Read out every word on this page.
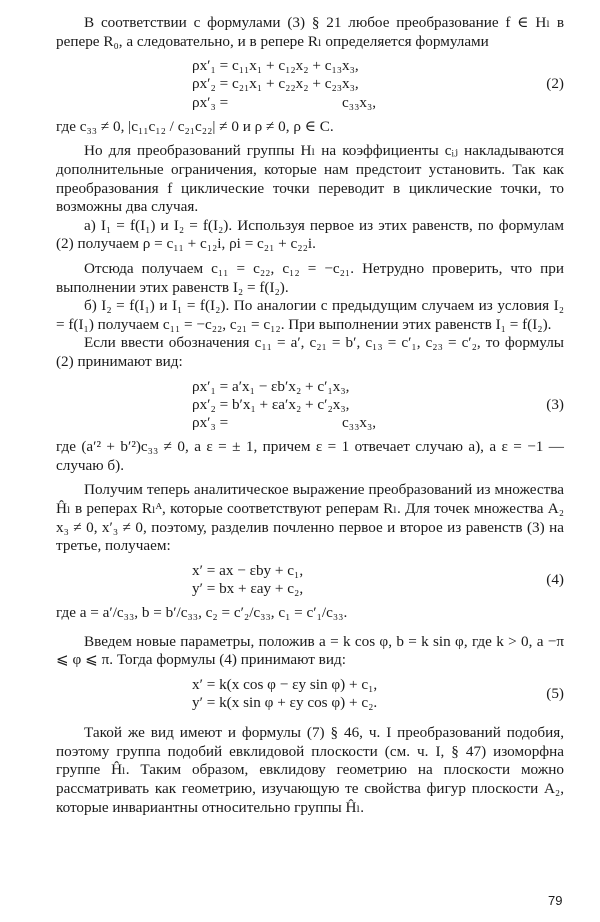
В соответствии с формулами (3) § 21 любое преобразование f ∈ Hₗ в репере R₀, а следовательно, и в репере Rₗ определяется формулами

ρx′₁ = c₁₁x₁ + c₁₂x₂ + c₁₃x₃,
ρx′₂ = c₂₁x₁ + c₂₂x₂ + c₂₃x₃,
ρx′₃ =                              c₃₃x₃,
(2)

где c₃₃ ≠ 0, |c₁₁c₁₂ / c₂₁c₂₂| ≠ 0 и ρ ≠ 0, ρ ∈ C.

Но для преобразований группы Hₗ на коэффициенты cᵢⱼ накладываются дополнительные ограничения, которые нам предстоит установить. Так как преобразования f циклические точки переводит в циклические точки, то возможны два случая.

а) I₁ = f(I₁) и I₂ = f(I₂). Используя первое из этих равенств, по формулам (2) получаем ρ = c₁₁ + c₁₂i, ρi = c₂₁ + c₂₂i.

Отсюда получаем c₁₁ = c₂₂, c₁₂ = −c₂₁. Нетрудно проверить, что при выполнении этих равенств I₂ = f(I₂).

б) I₂ = f(I₁) и I₁ = f(I₂). По аналогии с предыдущим случаем из условия I₂ = f(I₁) получаем c₁₁ = −c₂₂, c₂₁ = c₁₂. При выполнении этих равенств I₁ = f(I₂).

Если ввести обозначения c₁₁ = a′, c₂₁ = b′, c₁₃ = c′₁, c₂₃ = c′₂, то формулы (2) принимают вид:

ρx′₁ = a′x₁ − εb′x₂ + c′₁x₃,
ρx′₂ = b′x₁ + εa′x₂ + c′₂x₃,
ρx′₃ =                              c₃₃x₃,
(3)

где (a′² + b′²)c₃₃ ≠ 0, а ε = ± 1, причем ε = 1 отвечает случаю а), а ε = −1 — случаю б).

Получим теперь аналитическое выражение преобразований из множества Ĥₗ в реперах Rₗᴬ, которые соответствуют реперам Rₗ. Для точек множества A₂ x₃ ≠ 0, x′₃ ≠ 0, поэтому, разделив почленно первое и второе из равенств (3) на третье, получаем:

x′ = ax − εby + c₁,
y′ = bx + εay + c₂,
(4)

где a = a′/c₃₃, b = b′/c₃₃, c₂ = c′₂/c₃₃, c₁ = c′₁/c₃₃.

Введем новые параметры, положив a = k cos φ, b = k sin φ, где k > 0, а −π ⩽ φ ⩽ π. Тогда формулы (4) принимают вид:

x′ = k(x cos φ − εy sin φ) + c₁,
y′ = k(x sin φ + εy cos φ) + c₂.
(5)

Такой же вид имеют и формулы (7) § 46, ч. I преобразований подобия, поэтому группа подобий евклидовой плоскости (см. ч. I, § 47) изоморфна группе Ĥₗ. Таким образом, евклидову геометрию на плоскости можно рассматривать как геометрию, изучающую те свойства фигур плоскости A₂, которые инвариантны относительно группы Ĥₗ.

79
